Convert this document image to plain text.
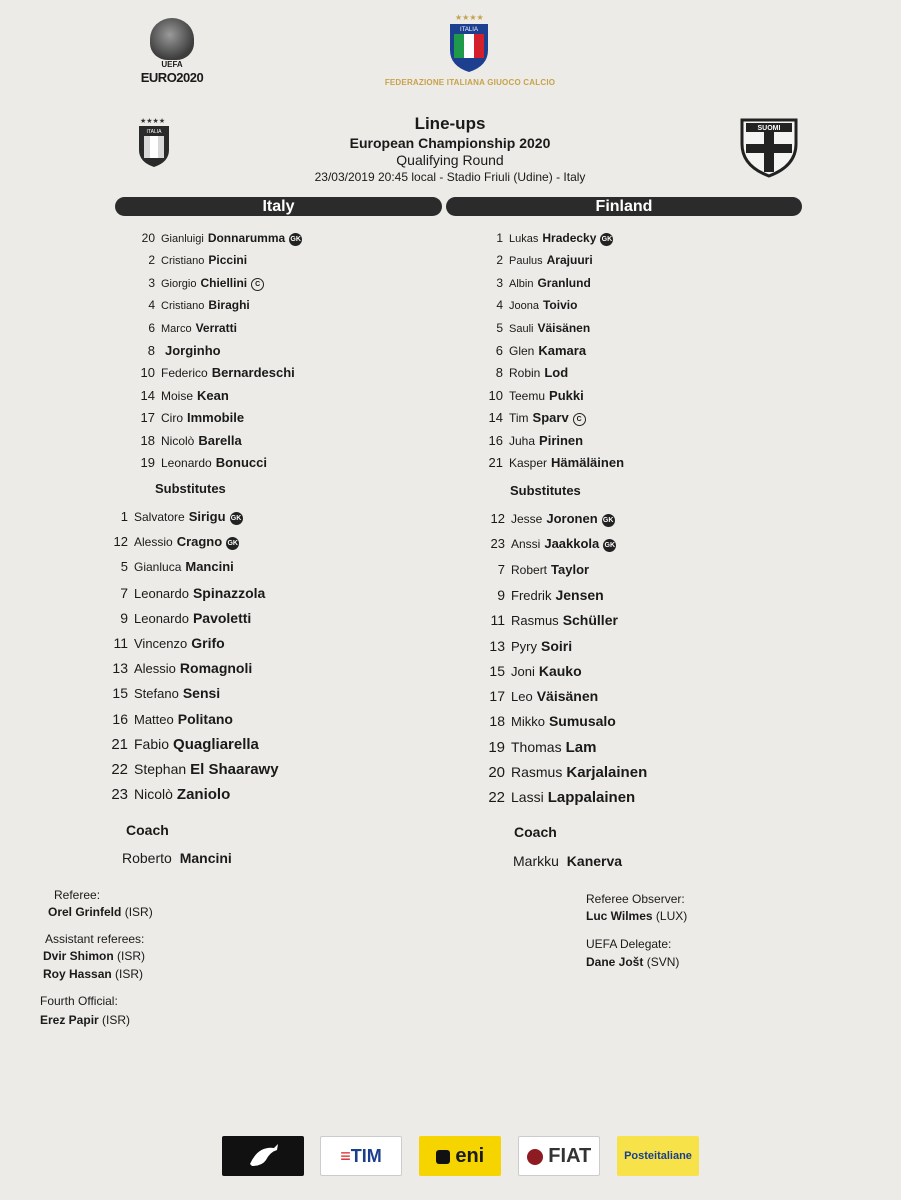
UEFA
EURO2020
★★★★
ITALIA
FEDERAZIONE ITALIANA GIUOCO CALCIO
★★★★
ITALIA	SUOMI
Line-ups
European Championship 2020
Qualifying Round
23/03/2019 20:45 local - Stadio Friuli (Udine) - Italy
Italy	Finland
20 Gianluigi Donnarumma GK
2 Cristiano Piccini
3 Giorgio Chiellini C
4 Cristiano Biraghi
6 Marco Verratti
8 Jorginho
10 Federico Bernardeschi
14 Moise Kean
17 Ciro Immobile
18 Nicolò Barella
19 Leonardo Bonucci
Substitutes
1 Salvatore Sirigu GK
12 Alessio Cragno GK
5 Gianluca Mancini
7 Leonardo Spinazzola
9 Leonardo Pavoletti
11 Vincenzo Grifo
13 Alessio Romagnoli
15 Stefano Sensi
16 Matteo Politano
21 Fabio Quagliarella
22 Stephan El Shaarawy
23 Nicolò Zaniolo
Coach
Roberto Mancini
1 Lukas Hradecky GK
2 Paulus Arajuuri
3 Albin Granlund
4 Joona Toivio
5 Sauli Väisänen
6 Glen Kamara
8 Robin Lod
10 Teemu Pukki
14 Tim Sparv C
16 Juha Pirinen
21 Kasper Hämäläinen
Substitutes
12 Jesse Joronen GK
23 Anssi Jaakkola GK
7 Robert Taylor
9 Fredrik Jensen
11 Rasmus Schüller
13 Pyry Soiri
15 Joni Kauko
17 Leo Väisänen
18 Mikko Sumusalo
19 Thomas Lam
20 Rasmus Karjalainen
22 Lassi Lappalainen
Coach
Markku Kanerva
Referee:
Orel Grinfeld (ISR)
Assistant referees:
Dvir Shimon (ISR)
Roy Hassan (ISR)
Fourth Official:
Erez Papir (ISR)
Referee Observer:
Luc Wilmes (LUX)
UEFA Delegate:
Dane Jošt (SVN)
≡TIM	eni	FIAT	Posteitaliane
